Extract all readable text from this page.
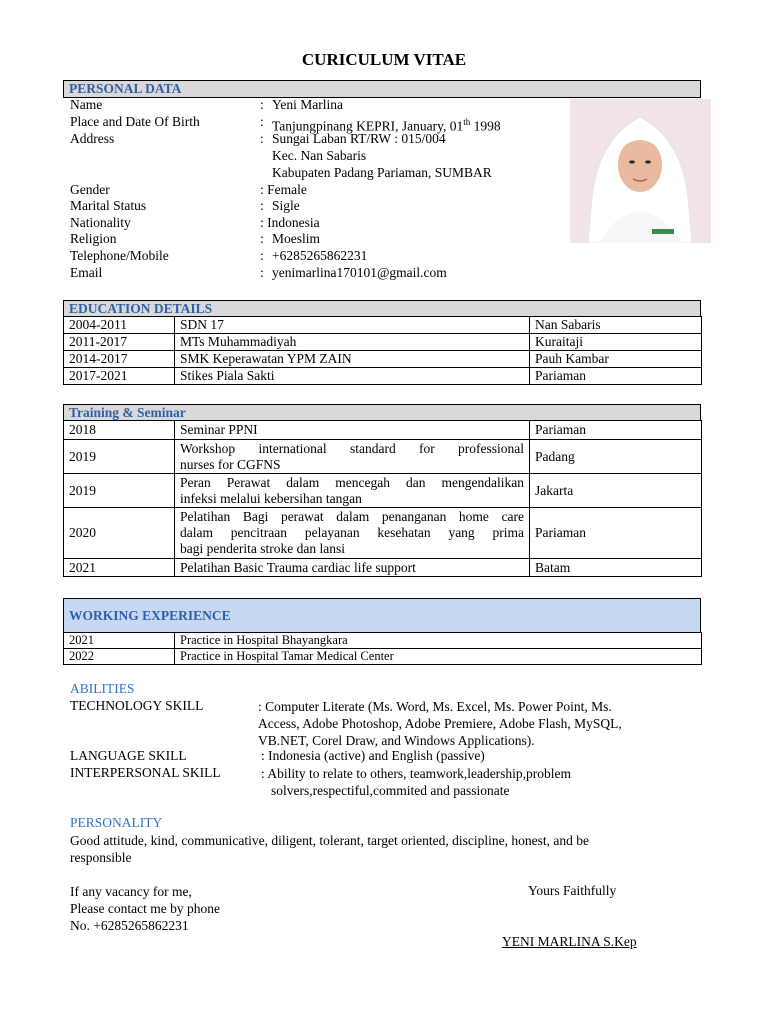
CURICULUM VITAE
PERSONAL DATA
Name	: Yeni Marlina
Place and Date Of Birth	: Tanjungpinang KEPRI, January, 01th 1998
Address	: Sungai Laban RT/RW : 015/004
Kec. Nan Sabaris
Kabupaten Padang Pariaman, SUMBAR
Gender	: Female
Marital Status	: Sigle
Nationality	: Indonesia
Religion	: Moeslim
Telephone/Mobile	: +6285265862231
Email	: yenimarlina170101@gmail.com
EDUCATION DETAILS
2004-2011	SDN 17	Nan Sabaris
2011-2017	MTs Muhammadiyah	Kuraitaji
2014-2017	SMK Keperawatan YPM ZAIN	Pauh Kambar
2017-2021	Stikes Piala Sakti	Pariaman
Training & Seminar
2018	Seminar PPNI	Pariaman
2019	Workshop international standard for professional
nurses for CGFNS	Padang
2019	Peran Perawat dalam mencegah dan mengendalikan
infeksi melalui kebersihan tangan	Jakarta
2020	Pelatihan Bagi perawat dalam penanganan home care
dalam pencitraan pelayanan kesehatan yang prima
bagi penderita stroke dan lansi	Pariaman
2021	Pelatihan Basic Trauma cardiac life support	Batam
WORKING EXPERIENCE
2021	Practice in Hospital Bhayangkara
2022	Practice in Hospital Tamar Medical Center
ABILITIES
TECHNOLOGY SKILL	: Computer Literate (Ms. Word, Ms. Excel, Ms. Power Point, Ms.
Access, Adobe Photoshop, Adobe Premiere, Adobe Flash, MySQL,
VB.NET, Corel Draw, and Windows Applications).
LANGUAGE SKILL	: Indonesia (active) and English (passive)
INTERPERSONAL SKILL	: Ability to relate to others, teamwork,leadership,problem
solvers,respectiful,commited and passionate
PERSONALITY
Good attitude, kind, communicative, diligent, tolerant, target oriented, discipline, honest, and be
responsible
If any vacancy for me,
Please contact me by phone
No. +6285265862231
Yours Faithfully
YENI MARLINA S.Kep
